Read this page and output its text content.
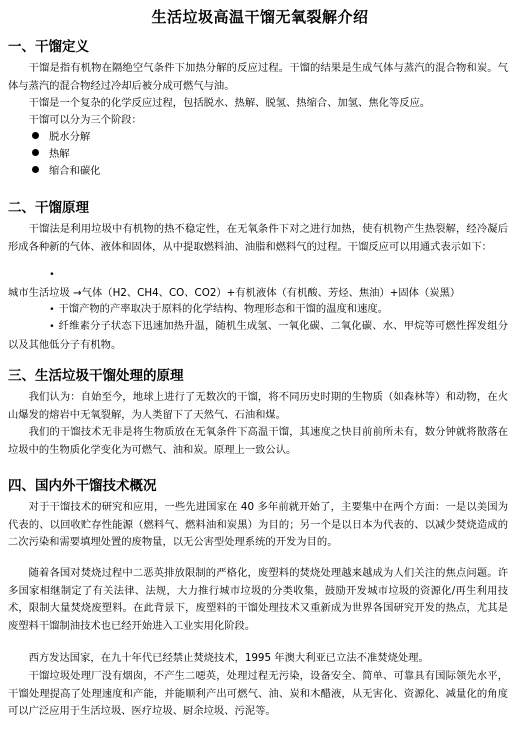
生活垃圾高温干馏无氧裂解介绍
一、干馏定义
干馏是指有机物在隔绝空气条件下加热分解的反应过程。干馏的结果是生成气体与蒸汽的混合物和炭。气体与蒸汽的混合物经过冷却后被分成可燃气与油。
干馏是一个复杂的化学反应过程，包括脱水、热解、脱氢、热缩合、加氢、焦化等反应。
干馏可以分为三个阶段：
脱水分解
热解
缩合和碳化
二、干馏原理
干馏法是利用垃圾中有机物的热不稳定性，在无氧条件下对之进行加热，使有机物产生热裂解，经冷凝后形成各种新的气体、液体和固体，从中提取燃料油、油脂和燃料气的过程。干馏反应可以用通式表示如下：
•城市生活垃圾 →气体（H2、CH4、CO、CO2）+有机液体（有机酸、芳烃、焦油）+固体（炭黑）
• 干馏产物的产率取决于原料的化学结构、物理形态和干馏的温度和速度。
• 纤维素分子状态下迅速加热升温，随机生成氢、一氧化碳、二氧化碳、水、甲烷等可燃性挥发组分以及其他低分子有机物。
三、生活垃圾干馏处理的原理
我们认为：自始至今，地球上进行了无数次的干馏，将不同历史时期的生物质（如森林等）和动物，在火山爆发的熔岩中无氧裂解，为人类留下了天然气、石油和煤。
我们的干馏技术无非是将生物质放在无氧条件下高温干馏，其速度之快目前前所未有，数分钟就将散落在垃圾中的生物质化学变化为可燃气、油和炭。原理上一致公认。
四、国内外干馏技术概况
对于干馏技术的研究和应用，一些先进国家在 40 多年前就开始了，主要集中在两个方面：一是以美国为代表的、以回收贮存性能源（燃料气、燃料油和炭黑）为目的；另一个是以日本为代表的、以减少焚烧造成的二次污染和需要填埋处置的废物量，以无公害型处理系统的开发为目的。
随着各国对焚烧过程中二恶英排放限制的严格化，废塑料的焚烧处理越来越成为人们关注的焦点问题。许多国家相继制定了有关法律、法规，大力推行城市垃圾的分类收集，鼓励开发城市垃圾的资源化/再生利用技术，限制大量焚烧废塑料。在此背景下，废塑料的干馏处理技术又重新成为世界各国研究开发的热点，尤其是废塑料干馏制油技术也已经开始进入工业实用化阶段。
西方发达国家，在九十年代已经禁止焚烧技术，1995 年澳大利亚已立法不准焚烧处理。
干馏垃圾处理厂没有烟囱，不产生二噁英，处理过程无污染，设备安全、简单、可靠具有国际领先水平，干馏处理提高了处理速度和产能，并能顺利产出可燃气、油、炭和木醋液，从无害化、资源化、减量化的角度可以广泛应用于生活垃圾、医疗垃圾、厨余垃圾、污泥等。
